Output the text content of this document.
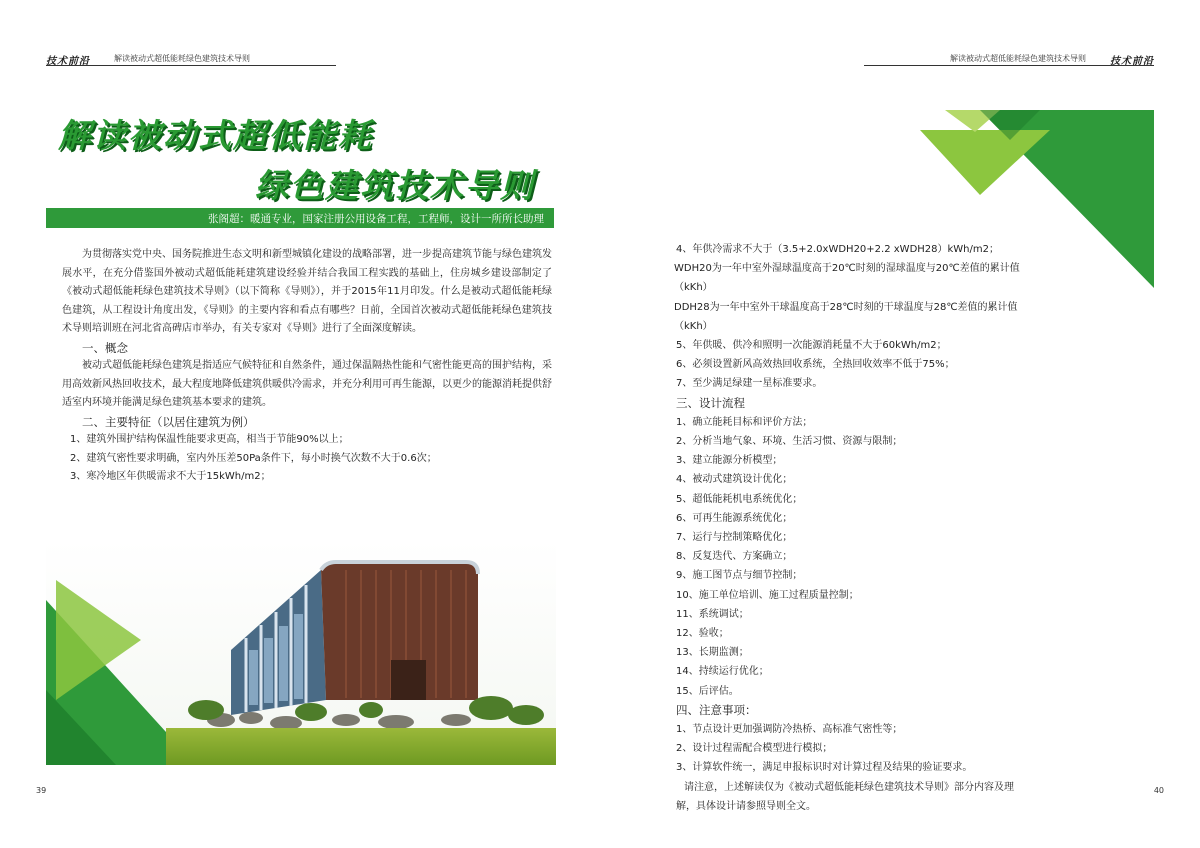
技术前沿	解读被动式超低能耗绿色建筑技术导则
解读被动式超低能耗
绿色建筑技术导则
张阁超：暖通专业，国家注册公用设备工程，工程师，设计一所所长助理

为贯彻落实党中央、国务院推进生态文明和新型城镇化建设的战略部署，进一步提高建筑节能与绿色建筑发展水平，在充分借鉴国外被动式超低能耗建筑建设经验并结合我国工程实践的基础上，住房城乡建设部制定了《被动式超低能耗绿色建筑技术导则》（以下简称《导则》），并于2015年11月印发。什么是被动式超低能耗绿色建筑，从工程设计角度出发，《导则》的主要内容和看点有哪些？日前，全国首次被动式超低能耗绿色建筑技术导则培训班在河北省高碑店市举办，有关专家对《导则》进行了全面深度解读。

一、概念

被动式超低能耗绿色建筑是指适应气候特征和自然条件，通过保温隔热性能和气密性能更高的围护结构，采用高效新风热回收技术，最大程度地降低建筑供暖供冷需求，并充分利用可再生能源，以更少的能源消耗提供舒适室内环境并能满足绿色建筑基本要求的建筑。

二、主要特征（以居住建筑为例）
1、建筑外围护结构保温性能要求更高，相当于节能90%以上；
2、建筑气密性要求明确，室内外压差50Pa条件下，每小时换气次数不大于0.6次；
3、寒冷地区年供暖需求不大于15kWh/m2；
39
解读被动式超低能耗绿色建筑技术导则 技术前沿
40
4、年供冷需求不大于（3.5+2.0xWDH20+2.2 xWDH28）kWh/m2；
WDH20为一年中室外湿球温度高于20℃时刻的湿球温度与20℃差值的累计值（kKh）
DDH28为一年中室外干球温度高于28℃时刻的干球温度与28℃差值的累计值（kKh）
5、年供暖、供冷和照明一次能源消耗量不大于60kWh/m2；
6、必须设置新风高效热回收系统，全热回收效率不低于75%；
7、至少满足绿建一星标准要求。
三、设计流程
1、确立能耗目标和评价方法；
2、分析当地气象、环境、生活习惯、资源与限制；
3、建立能源分析模型；
4、被动式建筑设计优化；
5、超低能耗机电系统优化；
6、可再生能源系统优化；
7、运行与控制策略优化；
8、反复迭代、方案确立；
9、施工图节点与细节控制；
10、施工单位培训、施工过程质量控制；
11、系统调试；
12、验收；
13、长期监测；
14、持续运行优化；
15、后评估。
四、注意事项：
1、节点设计更加强调防冷热桥、高标准气密性等；
2、设计过程需配合模型进行模拟；
3、计算软件统一，满足申报标识时对计算过程及结果的验证要求。
请注意，上述解读仅为《被动式超低能耗绿色建筑技术导则》部分内容及理解，具体设计请参照导则全文。
